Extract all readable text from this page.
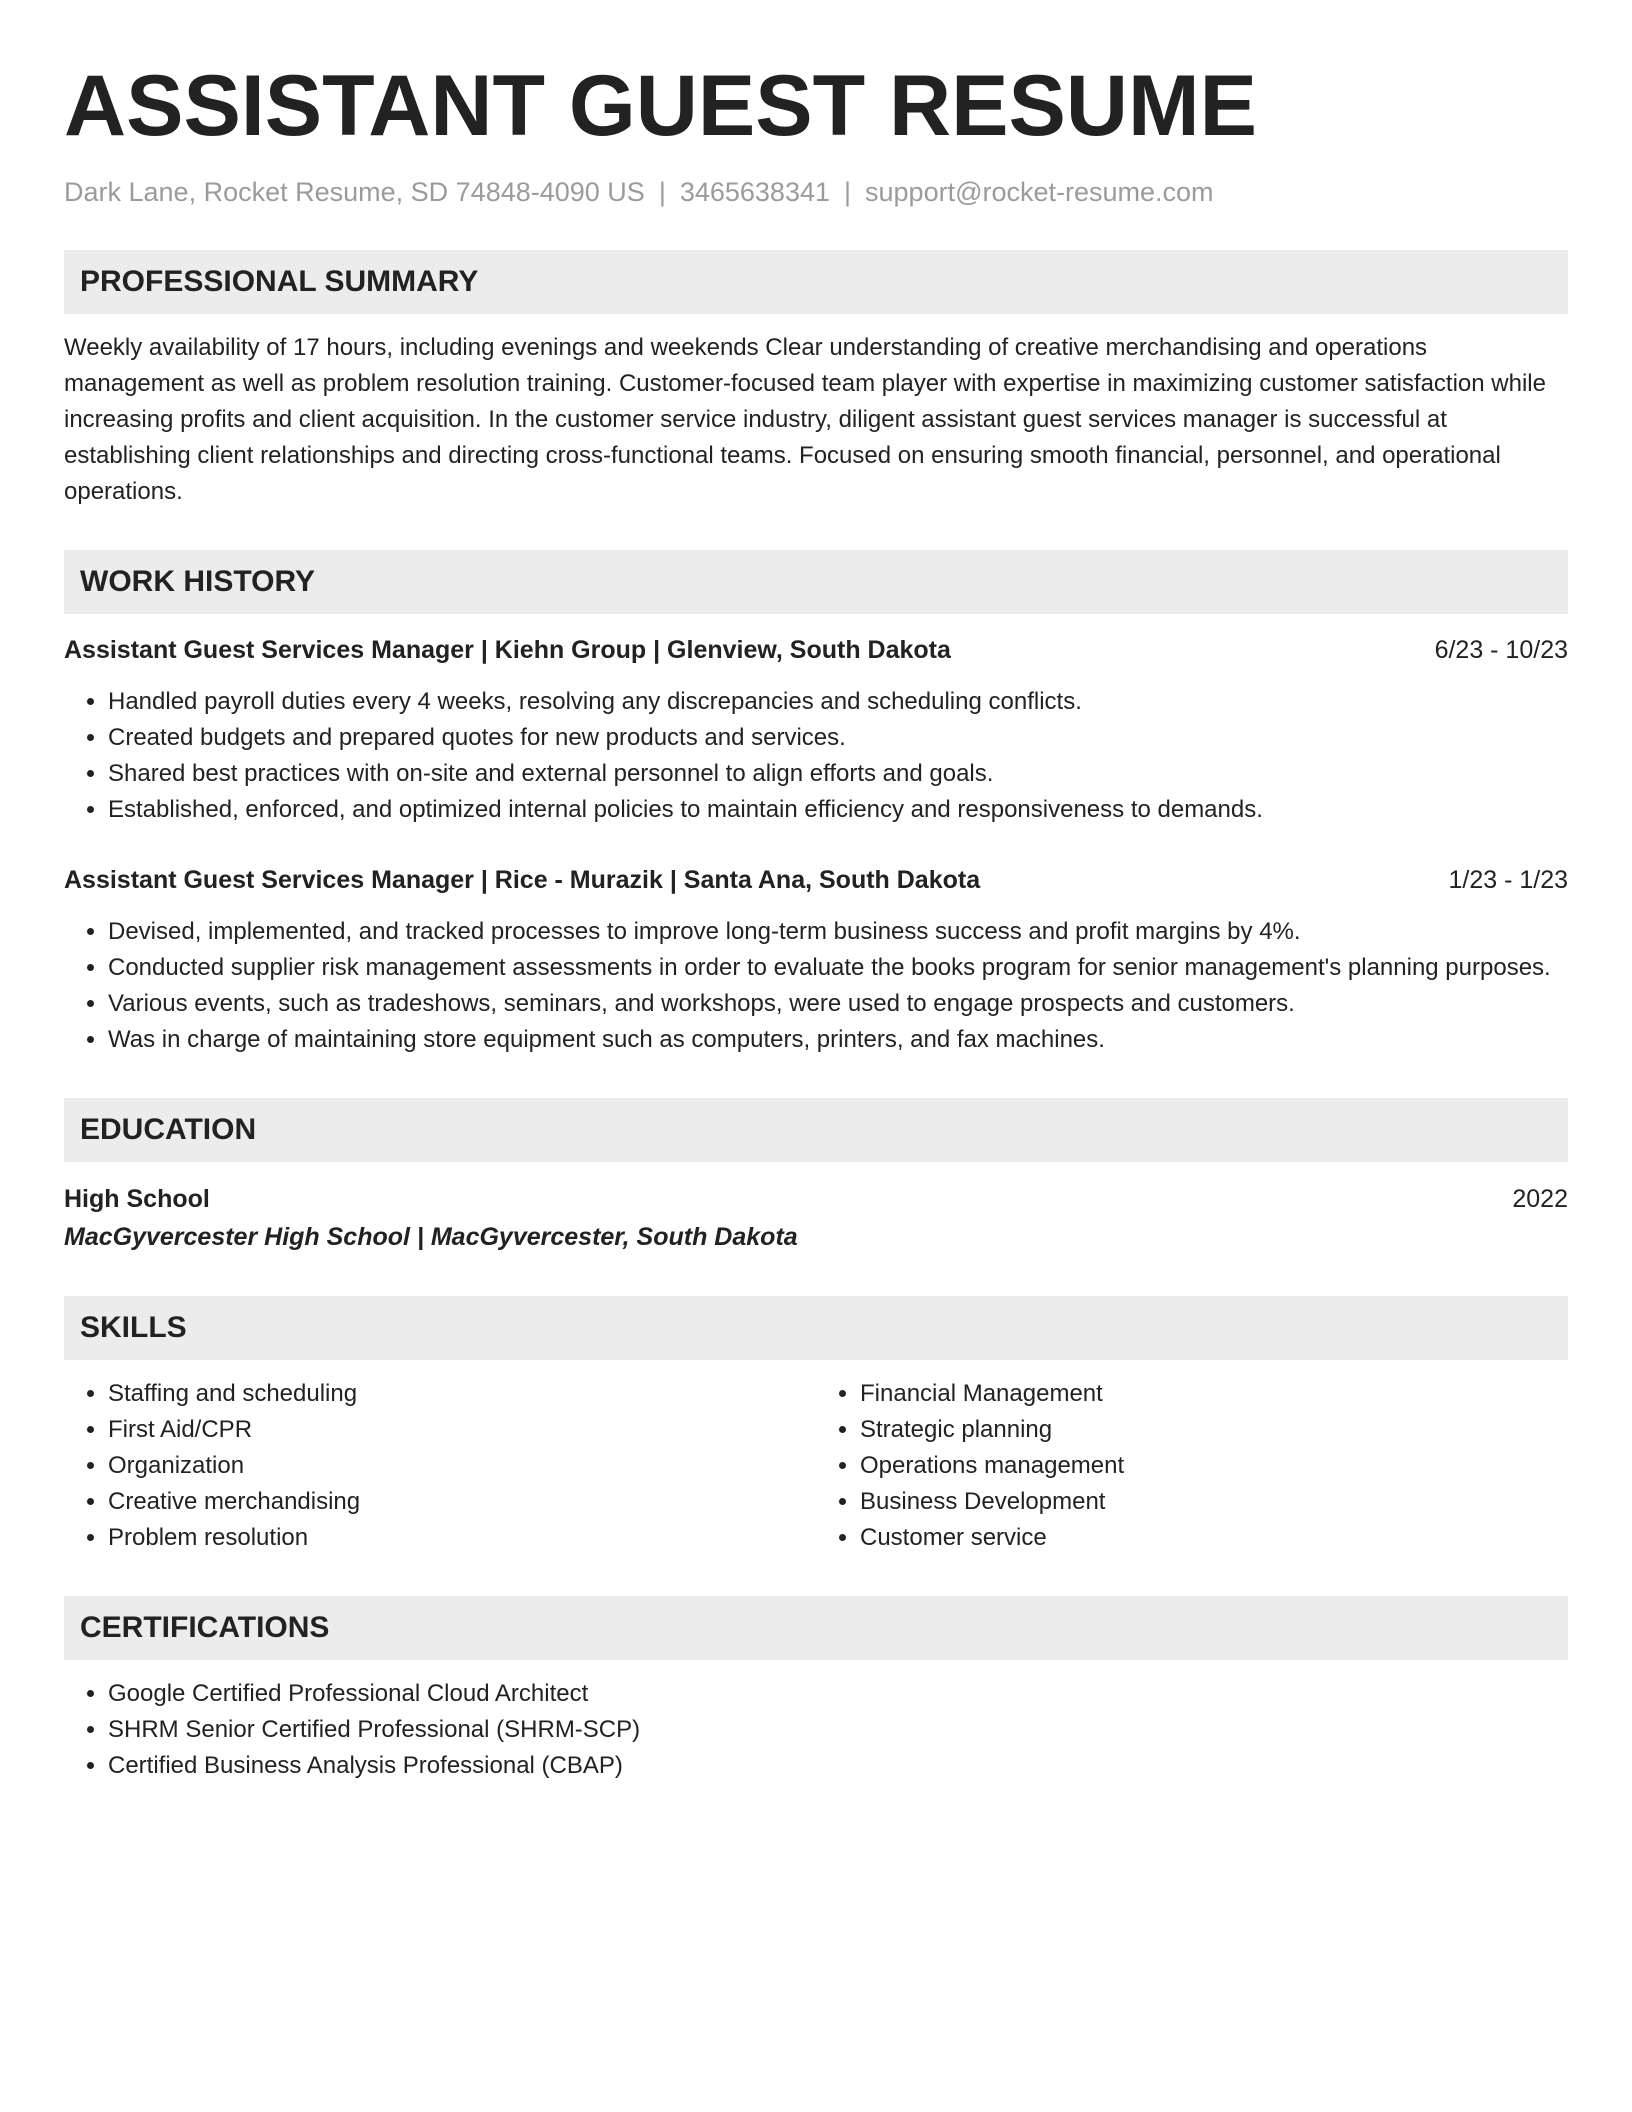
ASSISTANT GUEST RESUME
Dark Lane, Rocket Resume, SD 74848-4090 US | 3465638341 | support@rocket-resume.com
PROFESSIONAL SUMMARY
Weekly availability of 17 hours, including evenings and weekends Clear understanding of creative merchandising and operations management as well as problem resolution training. Customer-focused team player with expertise in maximizing customer satisfaction while increasing profits and client acquisition. In the customer service industry, diligent assistant guest services manager is successful at establishing client relationships and directing cross-functional teams. Focused on ensuring smooth financial, personnel, and operational operations.
WORK HISTORY
Assistant Guest Services Manager | Kiehn Group | Glenview, South Dakota	6/23 - 10/23
• Handled payroll duties every 4 weeks, resolving any discrepancies and scheduling conflicts.
• Created budgets and prepared quotes for new products and services.
• Shared best practices with on-site and external personnel to align efforts and goals.
• Established, enforced, and optimized internal policies to maintain efficiency and responsiveness to demands.
Assistant Guest Services Manager | Rice - Murazik | Santa Ana, South Dakota	1/23 - 1/23
• Devised, implemented, and tracked processes to improve long-term business success and profit margins by 4%.
• Conducted supplier risk management assessments in order to evaluate the books program for senior management's planning purposes.
• Various events, such as tradeshows, seminars, and workshops, were used to engage prospects and customers.
• Was in charge of maintaining store equipment such as computers, printers, and fax machines.
EDUCATION
High School	2022
MacGyvercester High School | MacGyvercester, South Dakota
SKILLS
• Staffing and scheduling
• First Aid/CPR
• Organization
• Creative merchandising
• Problem resolution
• Financial Management
• Strategic planning
• Operations management
• Business Development
• Customer service
CERTIFICATIONS
• Google Certified Professional Cloud Architect
• SHRM Senior Certified Professional (SHRM-SCP)
• Certified Business Analysis Professional (CBAP)
